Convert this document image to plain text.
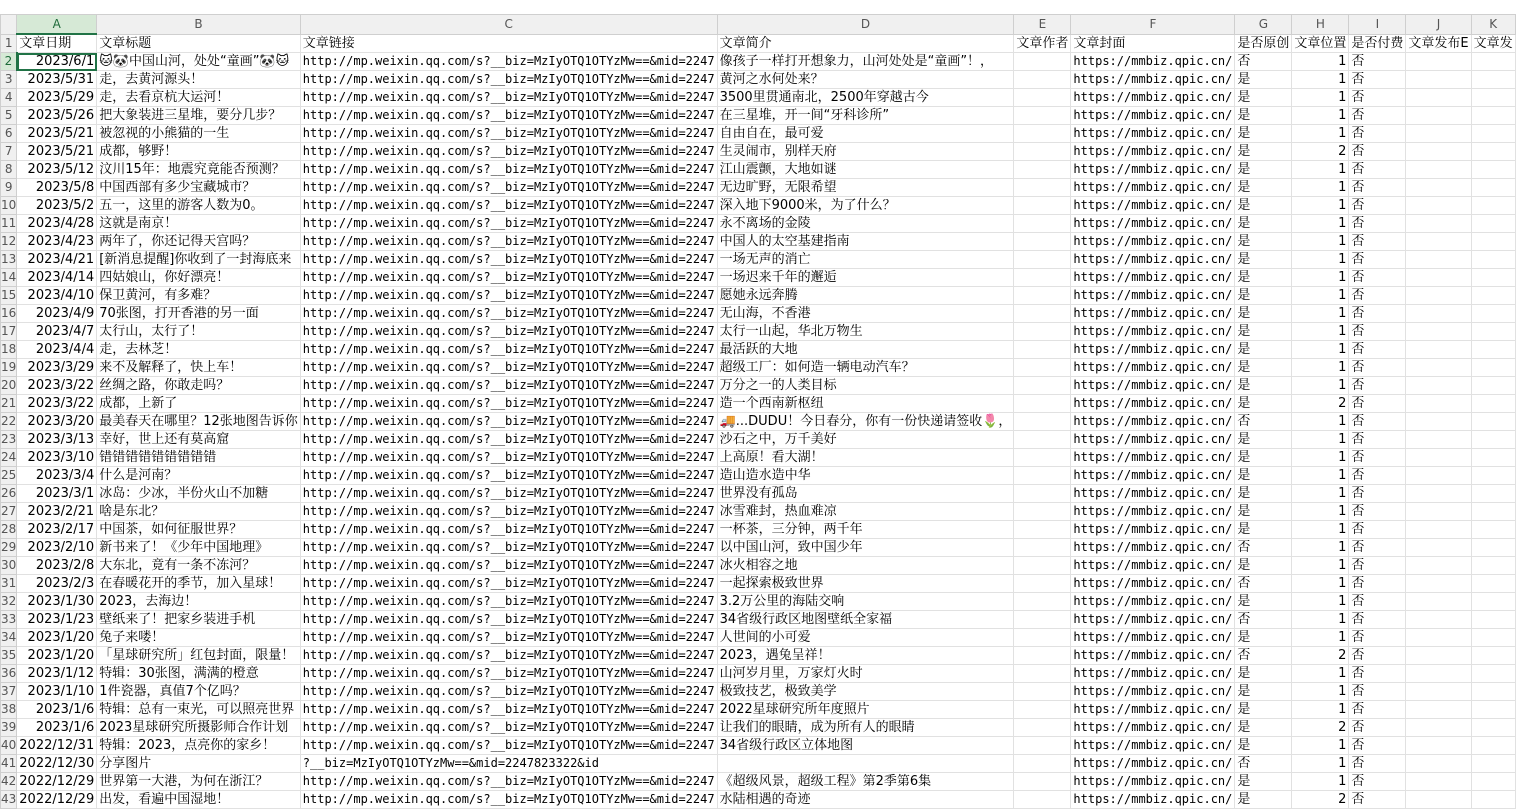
	A	B	C	D	E	F	G	H	I	J	K
1	文章日期	文章标题	文章链接	文章简介	文章作者	文章封面	是否原创	文章位置	是否付费	文章发布E	文章发
2	2023/6/1	🐱🐼中国山河，处处“童画”🐼🐱	http://mp.weixin.qq.com/s?__biz=MzIyOTQ1OTYzMw==&mid=2247	像孩子一样打开想象力，山河处处是“童画”！，		https://mmbiz.qpic.cn/	否	1	否		
3	2023/5/31	走，去黄河源头！	http://mp.weixin.qq.com/s?__biz=MzIyOTQ1OTYzMw==&mid=2247	黄河之水何处来？		https://mmbiz.qpic.cn/	是	1	否		
4	2023/5/29	走，去看京杭大运河！	http://mp.weixin.qq.com/s?__biz=MzIyOTQ1OTYzMw==&mid=2247	3500里贯通南北，2500年穿越古今		https://mmbiz.qpic.cn/	是	1	否		
5	2023/5/26	把大象装进三星堆，要分几步？	http://mp.weixin.qq.com/s?__biz=MzIyOTQ1OTYzMw==&mid=2247	在三星堆，开一间“牙科诊所”		https://mmbiz.qpic.cn/	是	1	否		
6	2023/5/21	被忽视的小熊猫的一生	http://mp.weixin.qq.com/s?__biz=MzIyOTQ1OTYzMw==&mid=2247	自由自在，最可爱		https://mmbiz.qpic.cn/	是	1	否		
7	2023/5/21	成都，够野！	http://mp.weixin.qq.com/s?__biz=MzIyOTQ1OTYzMw==&mid=2247	生灵闹市，别样天府		https://mmbiz.qpic.cn/	是	2	否		
8	2023/5/12	汶川15年：地震究竟能否预测？	http://mp.weixin.qq.com/s?__biz=MzIyOTQ1OTYzMw==&mid=2247	江山震颤，大地如谜		https://mmbiz.qpic.cn/	是	1	否		
9	2023/5/8	中国西部有多少宝藏城市？	http://mp.weixin.qq.com/s?__biz=MzIyOTQ1OTYzMw==&mid=2247	无边旷野，无限希望		https://mmbiz.qpic.cn/	是	1	否		
10	2023/5/2	五一，这里的游客人数为0。	http://mp.weixin.qq.com/s?__biz=MzIyOTQ1OTYzMw==&mid=2247	深入地下9000米，为了什么？		https://mmbiz.qpic.cn/	是	1	否		
11	2023/4/28	这就是南京！	http://mp.weixin.qq.com/s?__biz=MzIyOTQ1OTYzMw==&mid=2247	永不离场的金陵		https://mmbiz.qpic.cn/	是	1	否		
12	2023/4/23	两年了，你还记得天宫吗？	http://mp.weixin.qq.com/s?__biz=MzIyOTQ1OTYzMw==&mid=2247	中国人的太空基建指南		https://mmbiz.qpic.cn/	是	1	否		
13	2023/4/21	[新消息提醒]你收到了一封海底来	http://mp.weixin.qq.com/s?__biz=MzIyOTQ1OTYzMw==&mid=2247	一场无声的消亡		https://mmbiz.qpic.cn/	是	1	否		
14	2023/4/14	四姑娘山，你好漂亮！	http://mp.weixin.qq.com/s?__biz=MzIyOTQ1OTYzMw==&mid=2247	一场迟来千年的邂逅		https://mmbiz.qpic.cn/	是	1	否		
15	2023/4/10	保卫黄河，有多难？	http://mp.weixin.qq.com/s?__biz=MzIyOTQ1OTYzMw==&mid=2247	愿她永远奔腾		https://mmbiz.qpic.cn/	是	1	否		
16	2023/4/9	70张图，打开香港的另一面	http://mp.weixin.qq.com/s?__biz=MzIyOTQ1OTYzMw==&mid=2247	无山海，不香港		https://mmbiz.qpic.cn/	是	1	否		
17	2023/4/7	太行山，太行了！	http://mp.weixin.qq.com/s?__biz=MzIyOTQ1OTYzMw==&mid=2247	太行一山起，华北万物生		https://mmbiz.qpic.cn/	是	1	否		
18	2023/4/4	走，去林芝！	http://mp.weixin.qq.com/s?__biz=MzIyOTQ1OTYzMw==&mid=2247	最活跃的大地		https://mmbiz.qpic.cn/	是	1	否		
19	2023/3/29	来不及解释了，快上车！	http://mp.weixin.qq.com/s?__biz=MzIyOTQ1OTYzMw==&mid=2247	超级工厂：如何造一辆电动汽车？		https://mmbiz.qpic.cn/	是	1	否		
20	2023/3/22	丝绸之路，你敢走吗？	http://mp.weixin.qq.com/s?__biz=MzIyOTQ1OTYzMw==&mid=2247	万分之一的人类目标		https://mmbiz.qpic.cn/	是	1	否		
21	2023/3/22	成都，上新了	http://mp.weixin.qq.com/s?__biz=MzIyOTQ1OTYzMw==&mid=2247	造一个西南新枢纽		https://mmbiz.qpic.cn/	是	2	否		
22	2023/3/20	最美春天在哪里？12张地图告诉你	http://mp.weixin.qq.com/s?__biz=MzIyOTQ1OTYzMw==&mid=2247	🚚...DUDU！今日春分，你有一份快递请签收🌷，		https://mmbiz.qpic.cn/	否	1	否		
23	2023/3/13	幸好，世上还有莫高窟	http://mp.weixin.qq.com/s?__biz=MzIyOTQ1OTYzMw==&mid=2247	沙石之中，万千美好		https://mmbiz.qpic.cn/	是	1	否		
24	2023/3/10	错错错错错错错错错	http://mp.weixin.qq.com/s?__biz=MzIyOTQ1OTYzMw==&mid=2247	上高原！看大湖！		https://mmbiz.qpic.cn/	是	1	否		
25	2023/3/4	什么是河南？	http://mp.weixin.qq.com/s?__biz=MzIyOTQ1OTYzMw==&mid=2247	造山造水造中华		https://mmbiz.qpic.cn/	是	1	否		
26	2023/3/1	冰岛：少冰，半份火山不加糖	http://mp.weixin.qq.com/s?__biz=MzIyOTQ1OTYzMw==&mid=2247	世界没有孤岛		https://mmbiz.qpic.cn/	是	1	否		
27	2023/2/21	啥是东北？	http://mp.weixin.qq.com/s?__biz=MzIyOTQ1OTYzMw==&mid=2247	冰雪难封，热血难凉		https://mmbiz.qpic.cn/	是	1	否		
28	2023/2/17	中国茶，如何征服世界？	http://mp.weixin.qq.com/s?__biz=MzIyOTQ1OTYzMw==&mid=2247	一杯茶，三分钟，两千年		https://mmbiz.qpic.cn/	是	1	否		
29	2023/2/10	新书来了！《少年中国地理》	http://mp.weixin.qq.com/s?__biz=MzIyOTQ1OTYzMw==&mid=2247	以中国山河，致中国少年		https://mmbiz.qpic.cn/	否	1	否		
30	2023/2/8	大东北，竟有一条不冻河？	http://mp.weixin.qq.com/s?__biz=MzIyOTQ1OTYzMw==&mid=2247	冰火相容之地		https://mmbiz.qpic.cn/	是	1	否		
31	2023/2/3	在春暖花开的季节，加入星球！	http://mp.weixin.qq.com/s?__biz=MzIyOTQ1OTYzMw==&mid=2247	一起探索极致世界		https://mmbiz.qpic.cn/	否	1	否		
32	2023/1/30	2023，去海边！	http://mp.weixin.qq.com/s?__biz=MzIyOTQ1OTYzMw==&mid=2247	3.2万公里的海陆交响		https://mmbiz.qpic.cn/	是	1	否		
33	2023/1/23	壁纸来了！把家乡装进手机	http://mp.weixin.qq.com/s?__biz=MzIyOTQ1OTYzMw==&mid=2247	34省级行政区地图壁纸全家福		https://mmbiz.qpic.cn/	否	1	否		
34	2023/1/20	兔子来喽！	http://mp.weixin.qq.com/s?__biz=MzIyOTQ1OTYzMw==&mid=2247	人世间的小可爱		https://mmbiz.qpic.cn/	是	1	否		
35	2023/1/20	「星球研究所」红包封面，限量！	http://mp.weixin.qq.com/s?__biz=MzIyOTQ1OTYzMw==&mid=2247	2023，遇兔呈祥！		https://mmbiz.qpic.cn/	否	2	否		
36	2023/1/12	特辑：30张图，满满的橙意	http://mp.weixin.qq.com/s?__biz=MzIyOTQ1OTYzMw==&mid=2247	山河岁月里，万家灯火时		https://mmbiz.qpic.cn/	是	1	否		
37	2023/1/10	1件瓷器，真值7个亿吗？	http://mp.weixin.qq.com/s?__biz=MzIyOTQ1OTYzMw==&mid=2247	极致技艺，极致美学		https://mmbiz.qpic.cn/	是	1	否		
38	2023/1/6	特辑：总有一束光，可以照亮世界	http://mp.weixin.qq.com/s?__biz=MzIyOTQ1OTYzMw==&mid=2247	2022星球研究所年度照片		https://mmbiz.qpic.cn/	是	1	否		
39	2023/1/6	2023星球研究所摄影师合作计划	http://mp.weixin.qq.com/s?__biz=MzIyOTQ1OTYzMw==&mid=2247	让我们的眼睛，成为所有人的眼睛		https://mmbiz.qpic.cn/	是	2	否		
40	2022/12/31	特辑：2023，点亮你的家乡！	http://mp.weixin.qq.com/s?__biz=MzIyOTQ1OTYzMw==&mid=2247	34省级行政区立体地图		https://mmbiz.qpic.cn/	是	1	否		
41	2022/12/30	分享图片	?__biz=MzIyOTQ1OTYzMw==&mid=2247823322&id			https://mmbiz.qpic.cn/	否	1	否		
42	2022/12/29	世界第一大港，为何在浙江？	http://mp.weixin.qq.com/s?__biz=MzIyOTQ1OTYzMw==&mid=2247	《超级风景，超级工程》第2季第6集		https://mmbiz.qpic.cn/	是	1	否		
43	2022/12/29	出发，看遍中国湿地！	http://mp.weixin.qq.com/s?__biz=MzIyOTQ1OTYzMw==&mid=2247	水陆相遇的奇迹		https://mmbiz.qpic.cn/	是	2	否		
